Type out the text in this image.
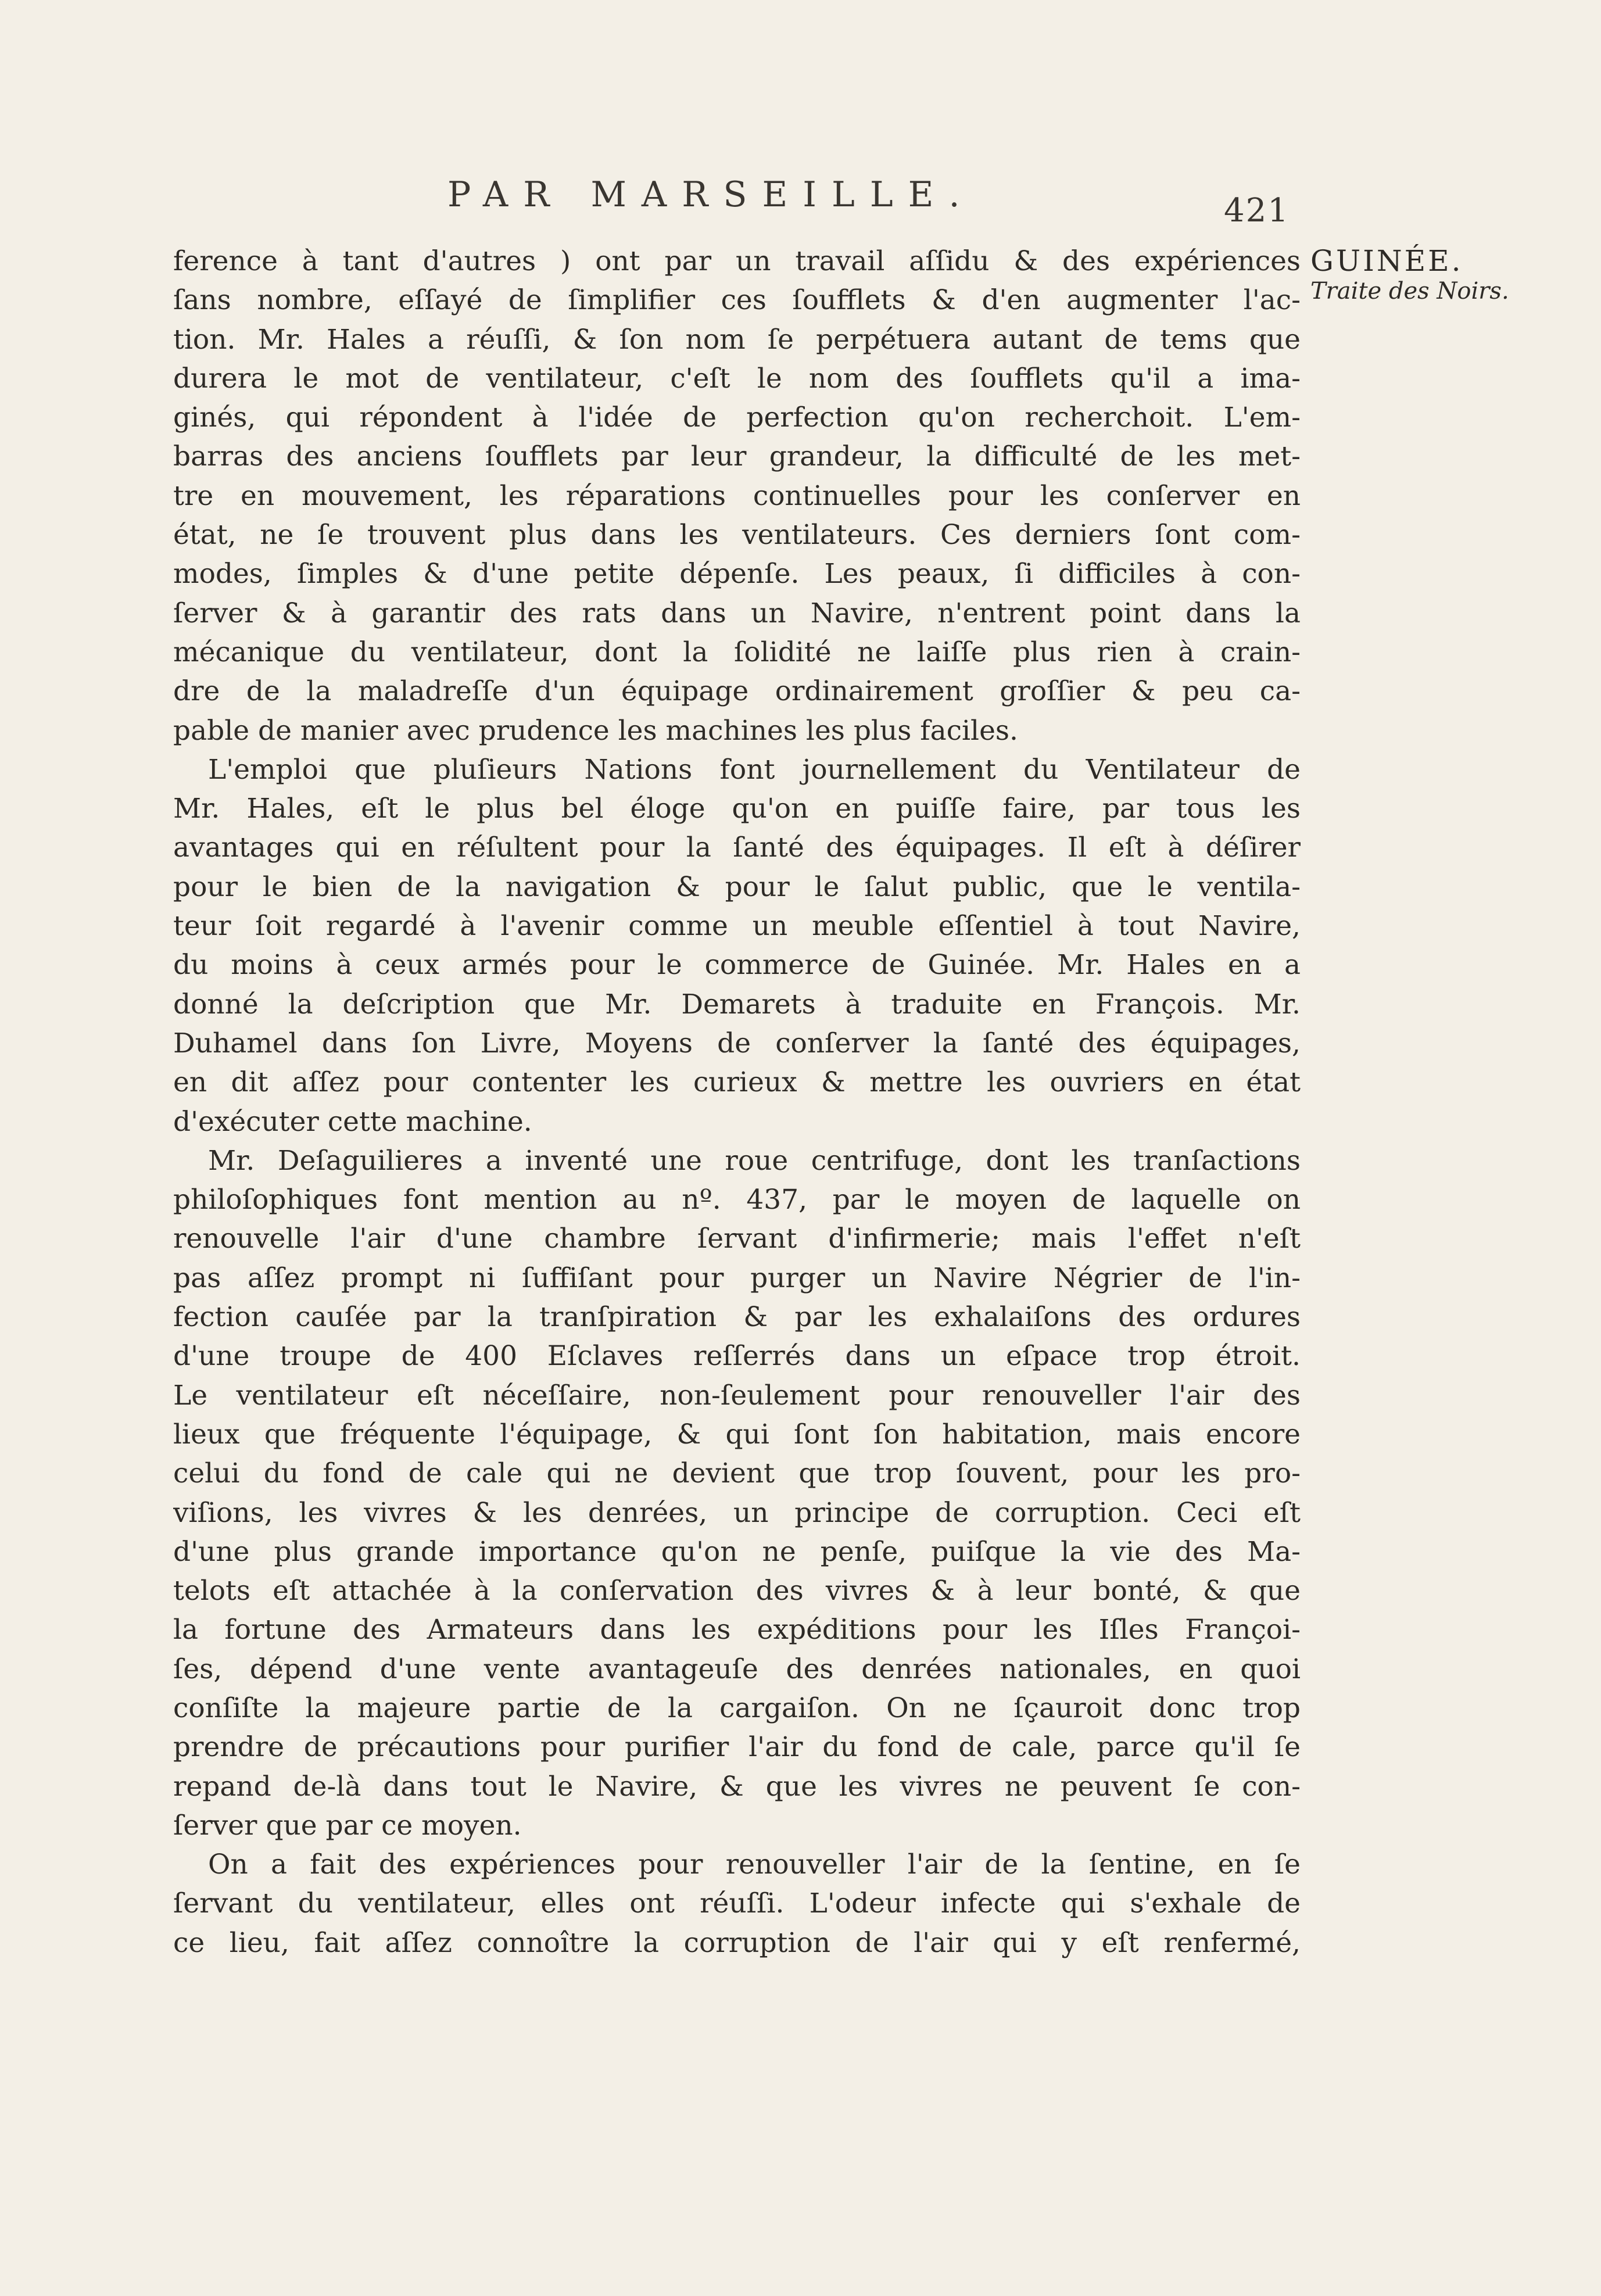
PAR MARSEILLE.	421
GUINÉE.
Traite des Noirs.
ference à tant d'autres ) ont par un travail aſſidu & des expériences
ſans nombre, eſſayé de ſimplifier ces ſoufflets & d'en augmenter l'ac-
tion. Mr. Hales a réuſſi, & ſon nom ſe perpétuera autant de tems que
durera le mot de ventilateur, c'eſt le nom des ſoufflets qu'il a ima-
ginés, qui répondent à l'idée de perfection qu'on recherchoit. L'em-
barras des anciens ſoufflets par leur grandeur, la difficulté de les met-
tre en mouvement, les réparations continuelles pour les conſerver en
état, ne ſe trouvent plus dans les ventilateurs. Ces derniers ſont com-
modes, ſimples & d'une petite dépenſe. Les peaux, ſi difficiles à con-
ſerver & à garantir des rats dans un Navire, n'entrent point dans la
mécanique du ventilateur, dont la ſolidité ne laiſſe plus rien à crain-
dre de la maladreſſe d'un équipage ordinairement groſſier & peu ca-
pable de manier avec prudence les machines les plus faciles.
L'emploi que pluſieurs Nations font journellement du Ventilateur de
Mr. Hales, eſt le plus bel éloge qu'on en puiſſe faire, par tous les
avantages qui en réſultent pour la ſanté des équipages. Il eſt à déſirer
pour le bien de la navigation & pour le ſalut public, que le ventila-
teur ſoit regardé à l'avenir comme un meuble eſſentiel à tout Navire,
du moins à ceux armés pour le commerce de Guinée. Mr. Hales en a
donné la deſcription que Mr. Demarets à traduite en François. Mr.
Duhamel dans ſon Livre, Moyens de conſerver la ſanté des équipages,
en dit aſſez pour contenter les curieux & mettre les ouvriers en état
d'exécuter cette machine.
Mr. Deſaguilieres a inventé une roue centrifuge, dont les tranſactions
philoſophiques font mention au nº. 437, par le moyen de laquelle on
renouvelle l'air d'une chambre ſervant d'infirmerie; mais l'effet n'eſt
pas aſſez prompt ni ſuffiſant pour purger un Navire Négrier de l'in-
fection cauſée par la tranſpiration & par les exhalaiſons des ordures
d'une troupe de 400 Eſclaves reſſerrés dans un eſpace trop étroit.
Le ventilateur eſt néceſſaire, non-ſeulement pour renouveller l'air des
lieux que fréquente l'équipage, & qui ſont ſon habitation, mais encore
celui du fond de cale qui ne devient que trop ſouvent, pour les pro-
viſions, les vivres & les denrées, un principe de corruption. Ceci eſt
d'une plus grande importance qu'on ne penſe, puiſque la vie des Ma-
telots eſt attachée à la conſervation des vivres & à leur bonté, & que
la fortune des Armateurs dans les expéditions pour les Iſles Françoi-
ſes, dépend d'une vente avantageuſe des denrées nationales, en quoi
conſiſte la majeure partie de la cargaiſon. On ne ſçauroit donc trop
prendre de précautions pour purifier l'air du fond de cale, parce qu'il ſe
repand de-là dans tout le Navire, & que les vivres ne peuvent ſe con-
ſerver que par ce moyen.
On a fait des expériences pour renouveller l'air de la ſentine, en ſe
ſervant du ventilateur, elles ont réuſſi. L'odeur infecte qui s'exhale de
ce lieu, fait aſſez connoître la corruption de l'air qui y eſt renfermé,
